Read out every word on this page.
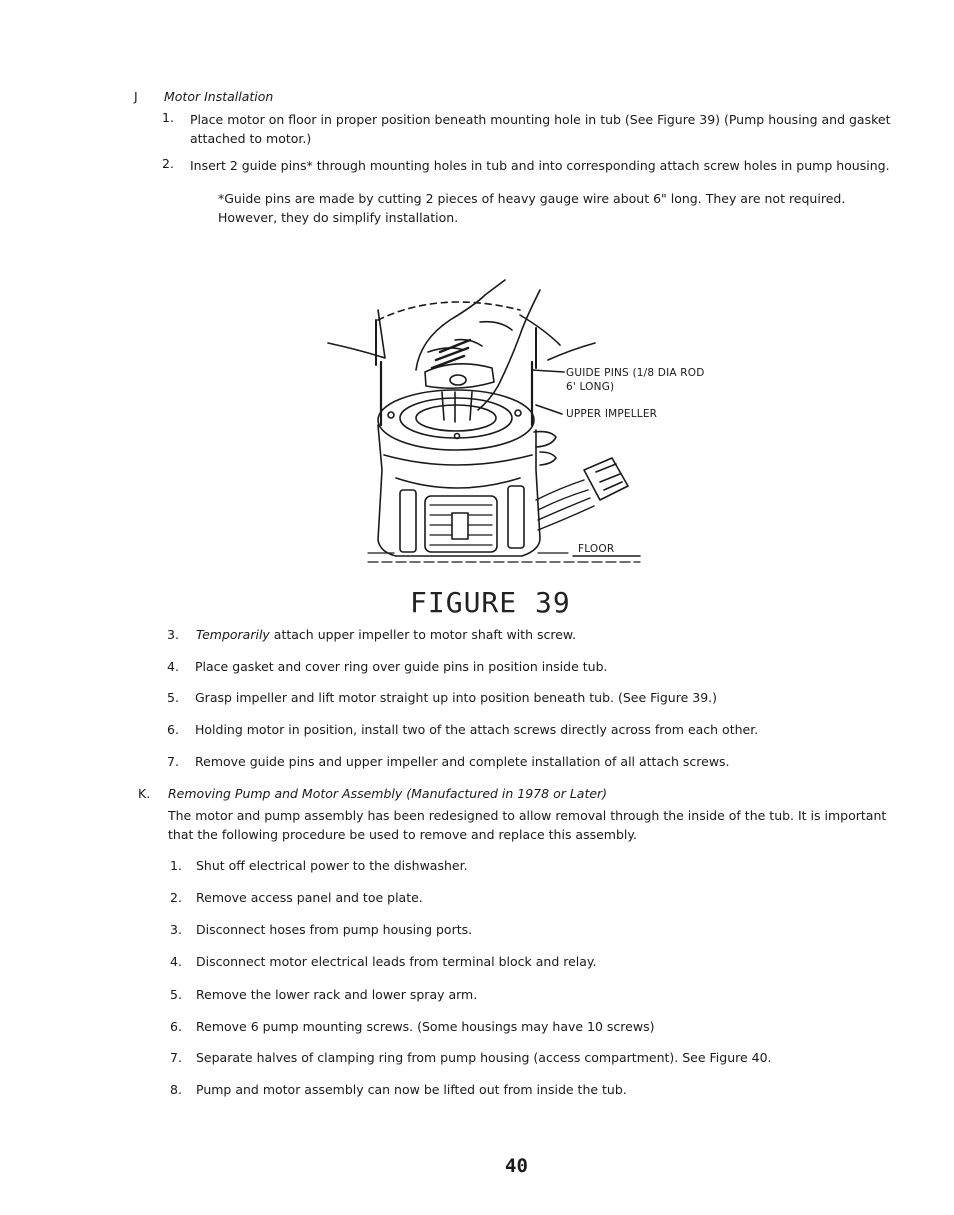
J Motor Installation
1. Place motor on floor in proper position beneath mounting hole in tub (See Figure 39) (Pump housing and gasket attached to motor.)
2. Insert 2 guide pins* through mounting holes in tub and into corresponding attach screw holes in pump housing.
*Guide pins are made by cutting 2 pieces of heavy gauge wire about 6" long. They are not required. However, they do simplify installation.
GUIDE PINS (1/8 DIA ROD
6' LONG)
UPPER IMPELLER
FLOOR
FIGURE 39
3. Temporarily attach upper impeller to motor shaft with screw.
4. Place gasket and cover ring over guide pins in position inside tub.
5. Grasp impeller and lift motor straight up into position beneath tub. (See Figure 39.)
6. Holding motor in position, install two of the attach screws directly across from each other.
7. Remove guide pins and upper impeller and complete installation of all attach screws.
K. Removing Pump and Motor Assembly (Manufactured in 1978 or Later)
The motor and pump assembly has been redesigned to allow removal through the inside of the tub. It is important that the following procedure be used to remove and replace this assembly.
1. Shut off electrical power to the dishwasher.
2. Remove access panel and toe plate.
3. Disconnect hoses from pump housing ports.
4. Disconnect motor electrical leads from terminal block and relay.
5. Remove the lower rack and lower spray arm.
6. Remove 6 pump mounting screws. (Some housings may have 10 screws)
7. Separate halves of clamping ring from pump housing (access compartment). See Figure 40.
8. Pump and motor assembly can now be lifted out from inside the tub.
40
